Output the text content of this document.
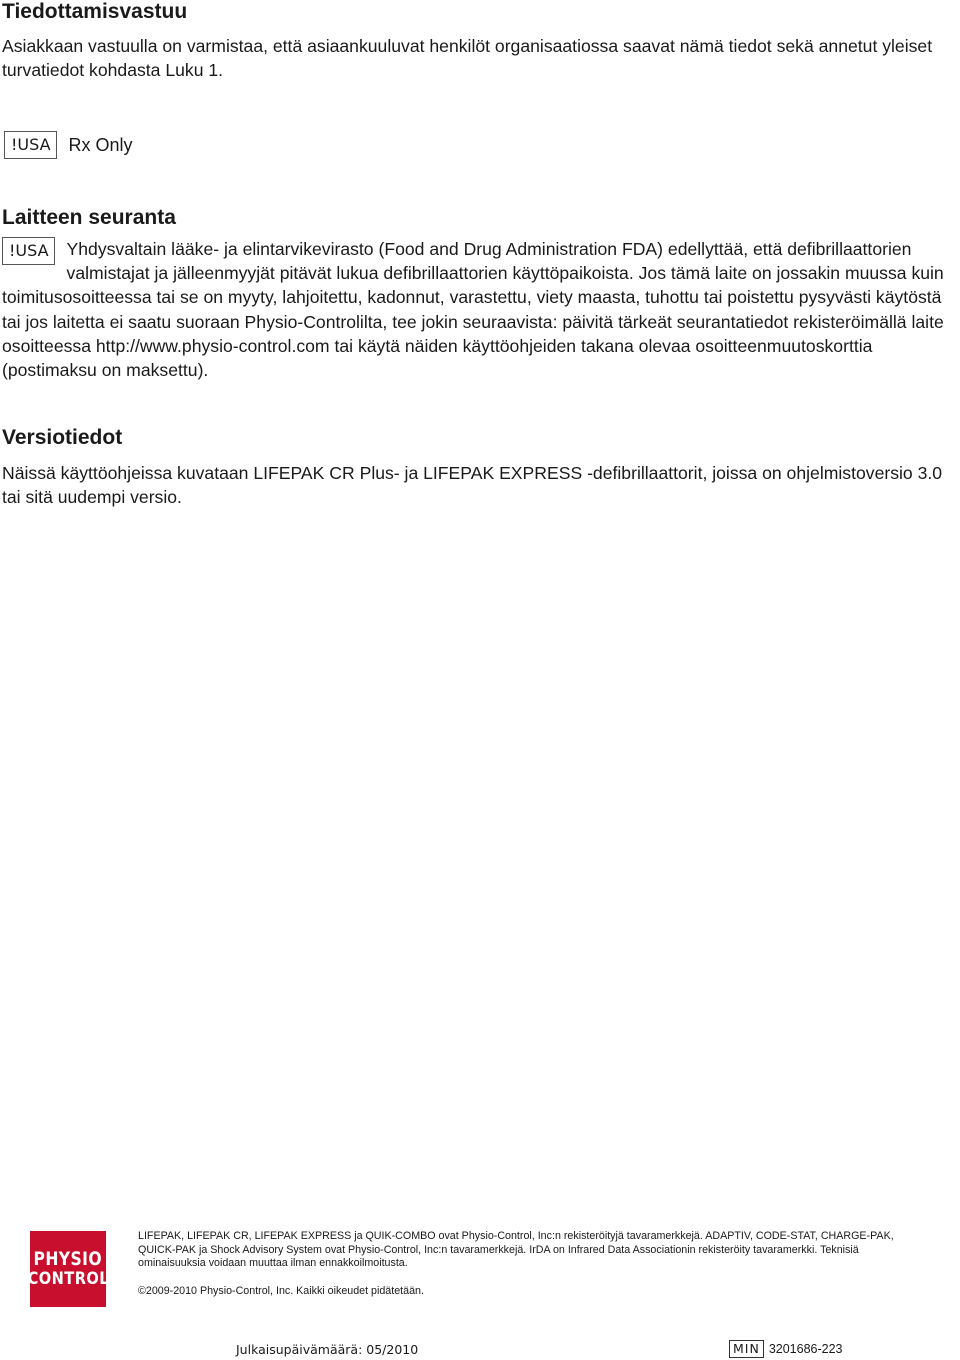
Tiedottamisvastuu

Asiakkaan vastuulla on varmistaa, että asiaankuuluvat henkilöt organisaatiossa saavat nämä tiedot sekä annetut yleiset turvatiedot kohdasta Luku 1.

!USA	Rx Only
Laitteen seuranta

!USA	Yhdysvaltain lääke- ja elintarvikevirasto (Food and Drug Administration FDA) edellyttää, että defibrillaattorien valmistajat ja jälleenmyyjät pitävät lukua defibrillaattorien käyttöpaikoista. Jos tämä laite on jossakin muussa kuin toimitusosoitteessa tai se on myyty, lahjoitettu, kadonnut, varastettu, viety maasta, tuhottu tai poistettu pysyvästi käytöstä tai jos laitetta ei saatu suoraan Physio-Controlilta, tee jokin seuraavista: päivitä tärkeät seurantatiedot rekisteröimällä laite osoitteessa http://www.physio-control.com tai käytä näiden käyttöohjeiden takana olevaa osoitteenmuutoskorttia (postimaksu on maksettu).

Versiotiedot

Näissä käyttöohjeissa kuvataan LIFEPAK CR Plus- ja LIFEPAK EXPRESS -defibrillaattorit, joissa on ohjelmistoversio 3.0 tai sitä uudempi versio.

PHYSIO
CONTROL
LIFEPAK, LIFEPAK CR, LIFEPAK EXPRESS ja QUIK-COMBO ovat Physio-Control, Inc:n rekisteröityjä tavaramerkkejä. ADAPTIV, CODE-STAT, CHARGE-PAK, QUICK-PAK ja Shock Advisory System ovat Physio-Control, Inc:n tavaramerkkejä. IrDA on Infrared Data Associationin rekisteröity tavaramerkki. Teknisiä ominaisuuksia voidaan muuttaa ilman ennakkoilmoitusta.
©2009-2010 Physio-Control, Inc. Kaikki oikeudet pidätetään.
Julkaisupäivämäärä: 05/2010	MIN 3201686-223
